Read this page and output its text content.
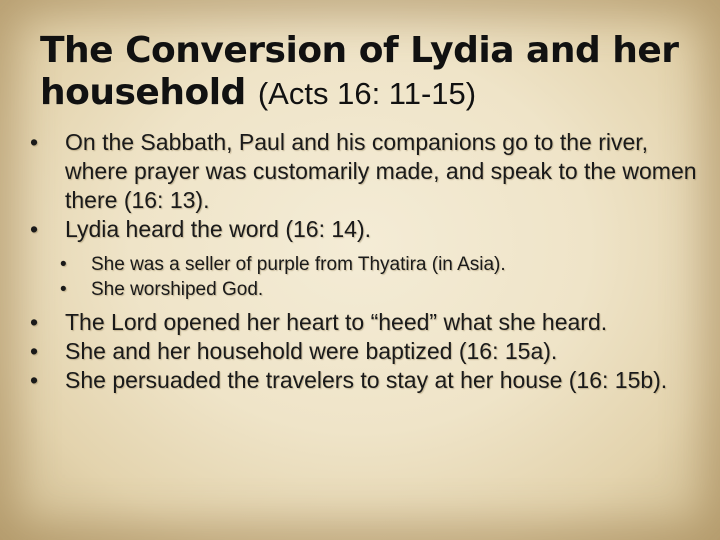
The Conversion of Lydia and her household (Acts 16: 11-15)
• On the Sabbath, Paul and his companions go to the river, where prayer was customarily made, and speak to the women there (16: 13).
• Lydia heard the word (16: 14).
• She was a seller of purple from Thyatira (in Asia).
• She worshiped God.
• The Lord opened her heart to “heed” what she heard.
• She and her household were baptized (16: 15a).
• She persuaded the travelers to stay at her house (16: 15b).
